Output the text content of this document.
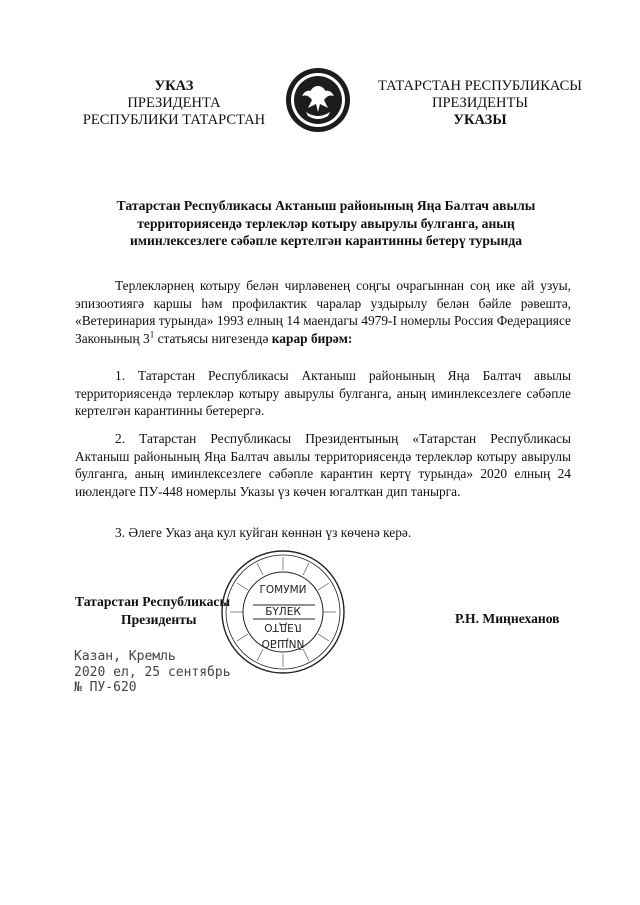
УКАЗ
ПРЕЗИДЕНТА
РЕСПУБЛИКИ ТАТАРСТАН
ТАТАРСТАН РЕСПУБЛИКАСЫ
ПРЕЗИДЕНТЫ
УКАЗЫ
Татарстан Республикасы Актаныш районының Яңа Балтач авылы
территориясендә терлекләр котыру авырулы булганга, аның
иминлексезлеге сәбәпле кертелгән карантинны бетерү турында
Терлекләрнең котыру белән чирләвенең соңгы очрагыннан соң ике ай узуы, эпизоотиягә каршы һәм профилактик чаралар уздырылу белән бәйле рәвештә, «Ветеринария турында» 1993 елның 14 маендагы 4979-I номерлы Россия Федерациясе Законының $3^1$ статьясы нигезендә карар бирәм:
1. Татарстан Республикасы Актаныш районының Яңа Балтач авылы территориясендә терлекләр котыру авырулы булганга, аның иминлексезлеге сәбәпле кертелгән карантинны бетерергә.
2. Татарстан Республикасы Президентының «Татарстан Республикасы Актаныш районының Яңа Балтач авылы территориясендә терлекләр котыру авырулы булганга, аның иминлексезлеге сәбәпле карантин кертү турында» 2020 елның 24 июлендәге ПУ-448 номерлы Указы үз көчен югалткан дип танырга.
3. Әлеге Указ аңа кул куйган көннән үз көченә керә.
ГОМУМИ
БҮЛЕК
ОБЩИЙ
ОТДЕЛ
Татарстан Республикасы
Президенты	Р.Н. Миңнеханов
Казан, Кремль
2020 ел, 25 сентябрь
№ ПУ-620
